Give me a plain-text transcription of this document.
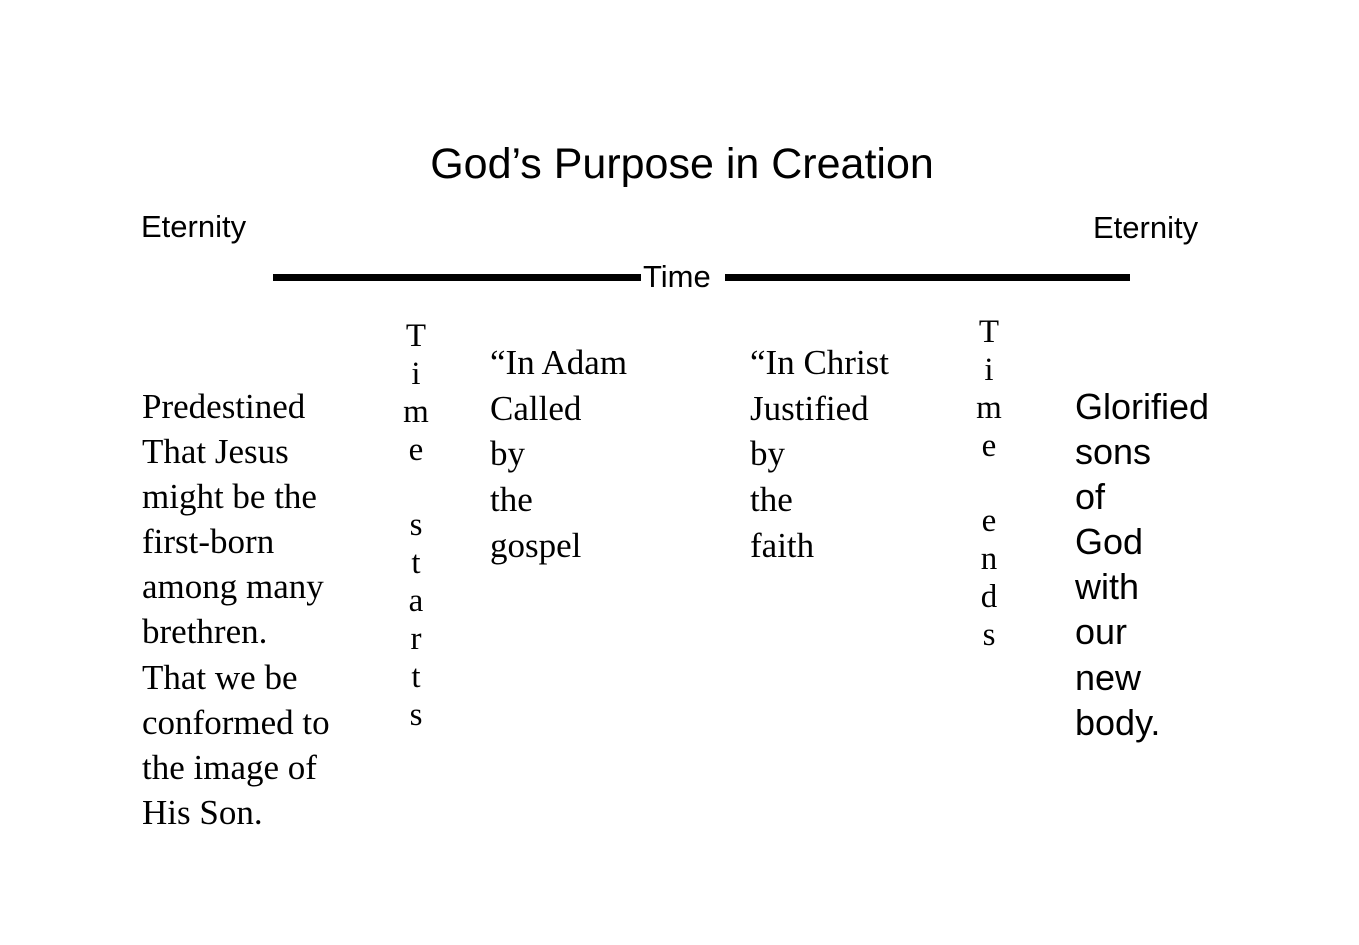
God’s Purpose in Creation
Eternity	Eternity
Time
Predestined
That Jesus
might be the
first-born
among many
brethren.
That we be
conformed to
the image of
His Son.
T
i
m
e
s
t
a
r
t
s
“In Adam
Called
by
the
gospel
“In Christ
Justified
by
the
faith
T
i
m
e
e
n
d
s
Glorified
sons
of
God
with
our
new
body.
